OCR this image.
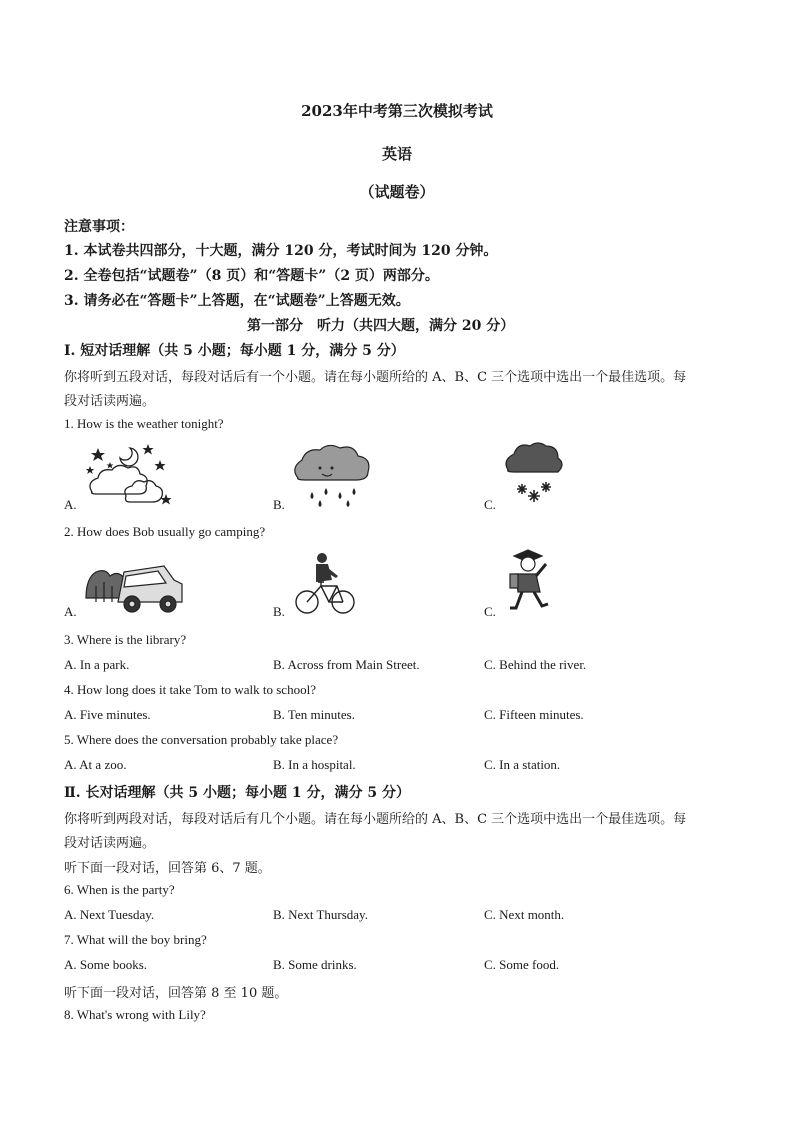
2023年中考第三次模拟考试
英语
（试题卷）
注意事项：
1. 本试卷共四部分，十大题，满分 120 分，考试时间为 120 分钟。
2. 全卷包括“试题卷”（8 页）和“答题卡”（2 页）两部分。
3. 请务必在“答题卡”上答题，在“试题卷”上答题无效。
第一部分　听力（共四大题，满分 20 分）
Ⅰ. 短对话理解（共 5 小题；每小题 1 分，满分 5 分）
你将听到五段对话，每段对话后有一个小题。请在每小题所给的 A、B、C 三个选项中选出一个最佳选项。每
段对话读两遍。
1. How is the weather tonight?
A.	B.	C.
2. How does Bob usually go camping?
A.	B.	C.
3. Where is the library?
A. In a park.	B. Across from Main Street.	C. Behind the river.
4. How long does it take Tom to walk to school?
A. Five minutes.	B. Ten minutes.	C. Fifteen minutes.
5. Where does the conversation probably take place?
A. At a zoo.	B. In a hospital.	C. In a station.
Ⅱ. 长对话理解（共 5 小题；每小题 1 分，满分 5 分）
你将听到两段对话，每段对话后有几个小题。请在每小题所给的 A、B、C 三个选项中选出一个最佳选项。每
段对话读两遍。
听下面一段对话，回答第 6、7 题。
6. When is the party?
A. Next Tuesday.	B. Next Thursday.	C. Next month.
7. What will the boy bring?
A. Some books.	B. Some drinks.	C. Some food.
听下面一段对话，回答第 8 至 10 题。
8. What's wrong with Lily?
